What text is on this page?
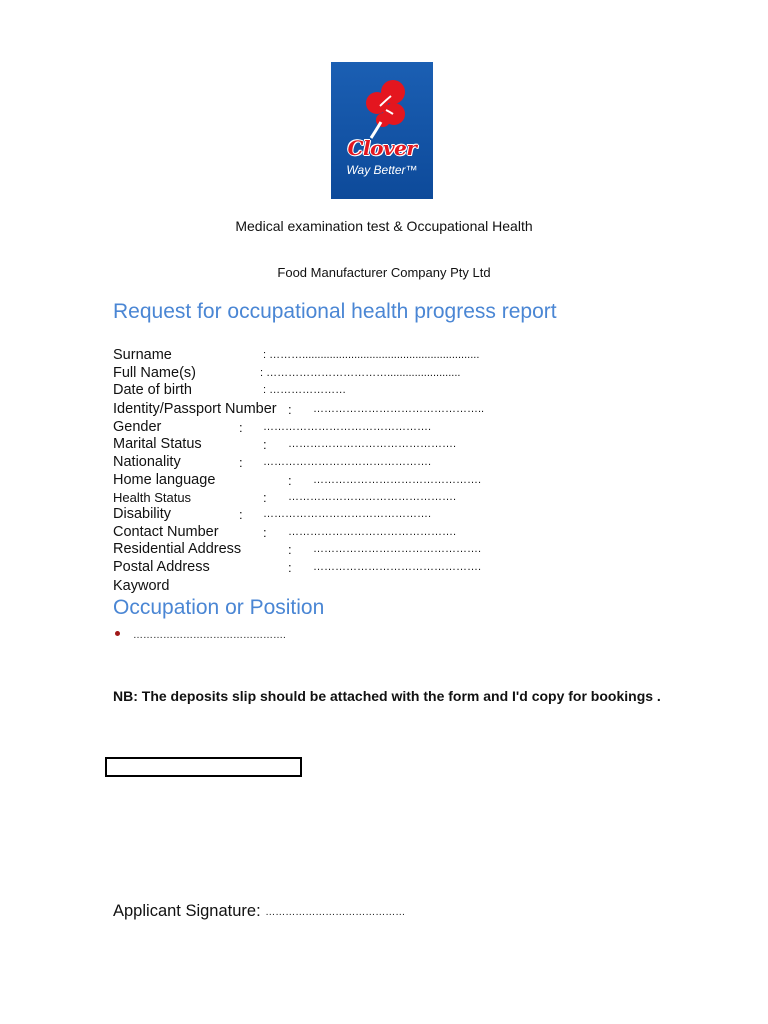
Clover
Way Better™
Medical examination test & Occupational Health
Food Manufacturer Company Pty Ltd
Request for occupational health progress report
Surname	: ………..........................................................
Full Name(s)	: ……………………………........................
Date of birth	: …………………
Identity/Passport Number : ………………………………………..
Gender	: ……………………………………….
Marital Status	: ……………………………………….
Nationality	: ……………………………………….
Home language	: ……………………………………….
Health Status	: ……………………………………….
Disability	: ……………………………………….
Contact Number	: ……………………………………….
Residential Address	: ……………………………………….
Postal Address	: ……………………………………….
Kayword
Occupation or Position
……………………………………….
NB: The deposits slip should be attached with the form and I'd copy for bookings .
Applicant Signature: ……………………………………
